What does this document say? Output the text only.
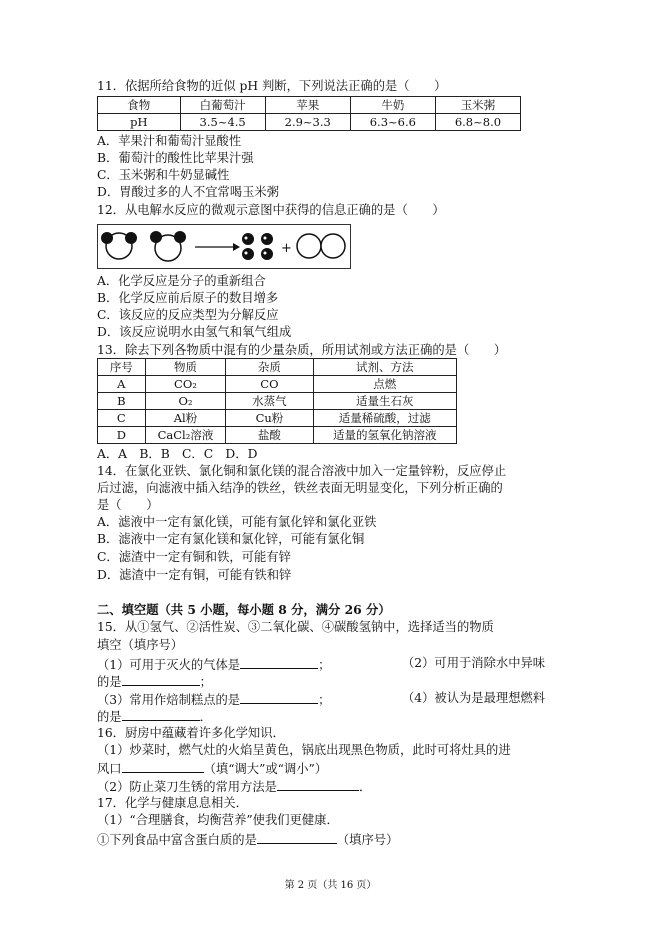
11．依据所给食物的近似 pH 判断，下列说法正确的是（　　）
食物	白葡萄汁	苹果	牛奶	玉米粥
pH	3.5~4.5	2.9~3.3	6.3~6.6	6.8~8.0
A．苹果汁和葡萄汁显酸性
B．葡萄汁的酸性比苹果汁强
C．玉米粥和牛奶显碱性
D．胃酸过多的人不宜常喝玉米粥
12．从电解水反应的微观示意图中获得的信息正确的是（　　）
+
A．化学反应是分子的重新组合
B．化学反应前后原子的数目增多
C．该反应的反应类型为分解反应
D．该反应说明水由氢气和氧气组成
13．除去下列各物质中混有的少量杂质，所用试剂或方法正确的是（　　）
序号	物质	杂质	试剂、方法
A	CO₂	CO	点燃
B	O₂	水蒸气	适量生石灰
C	Al粉	Cu粉	适量稀硫酸，过滤
D	CaCl₂溶液	盐酸	适量的氢氧化钠溶液
A．A　B．B　C．C　D．D
14．在氯化亚铁、氯化铜和氯化镁的混合溶液中加入一定量锌粉，反应停止
后过滤，向滤液中插入结净的铁丝，铁丝表面无明显变化，下列分析正确的
是（　　）
A．滤液中一定有氯化镁，可能有氯化锌和氯化亚铁
B．滤液中一定有氯化镁和氯化锌，可能有氯化铜
C．滤渣中一定有铜和铁，可能有锌
D．滤渣中一定有铜，可能有铁和锌
二、填空题（共 5 小题，每小题 8 分，满分 26 分）
15．从①氢气、②活性炭、③二氧化碳、④碳酸氢钠中，选择适当的物质
填空（填序号）
（1）可用于灭火的气体是	；	（2）可用于消除水中异味
的是	；
（3）常用作焙制糕点的是	；	（4）被认为是最理想燃料
的是	．
16．厨房中蕴藏着许多化学知识．
（1）炒菜时，燃气灶的火焰呈黄色，锅底出现黑色物质，此时可将灶具的进
风口	（填“调大”或“调小”）
（2）防止菜刀生锈的常用方法是	．
17．化学与健康息息相关．
（1）“合理膳食，均衡营养”使我们更健康．
①下列食品中富含蛋白质的是	（填序号）
第 2 页（共 16 页）
